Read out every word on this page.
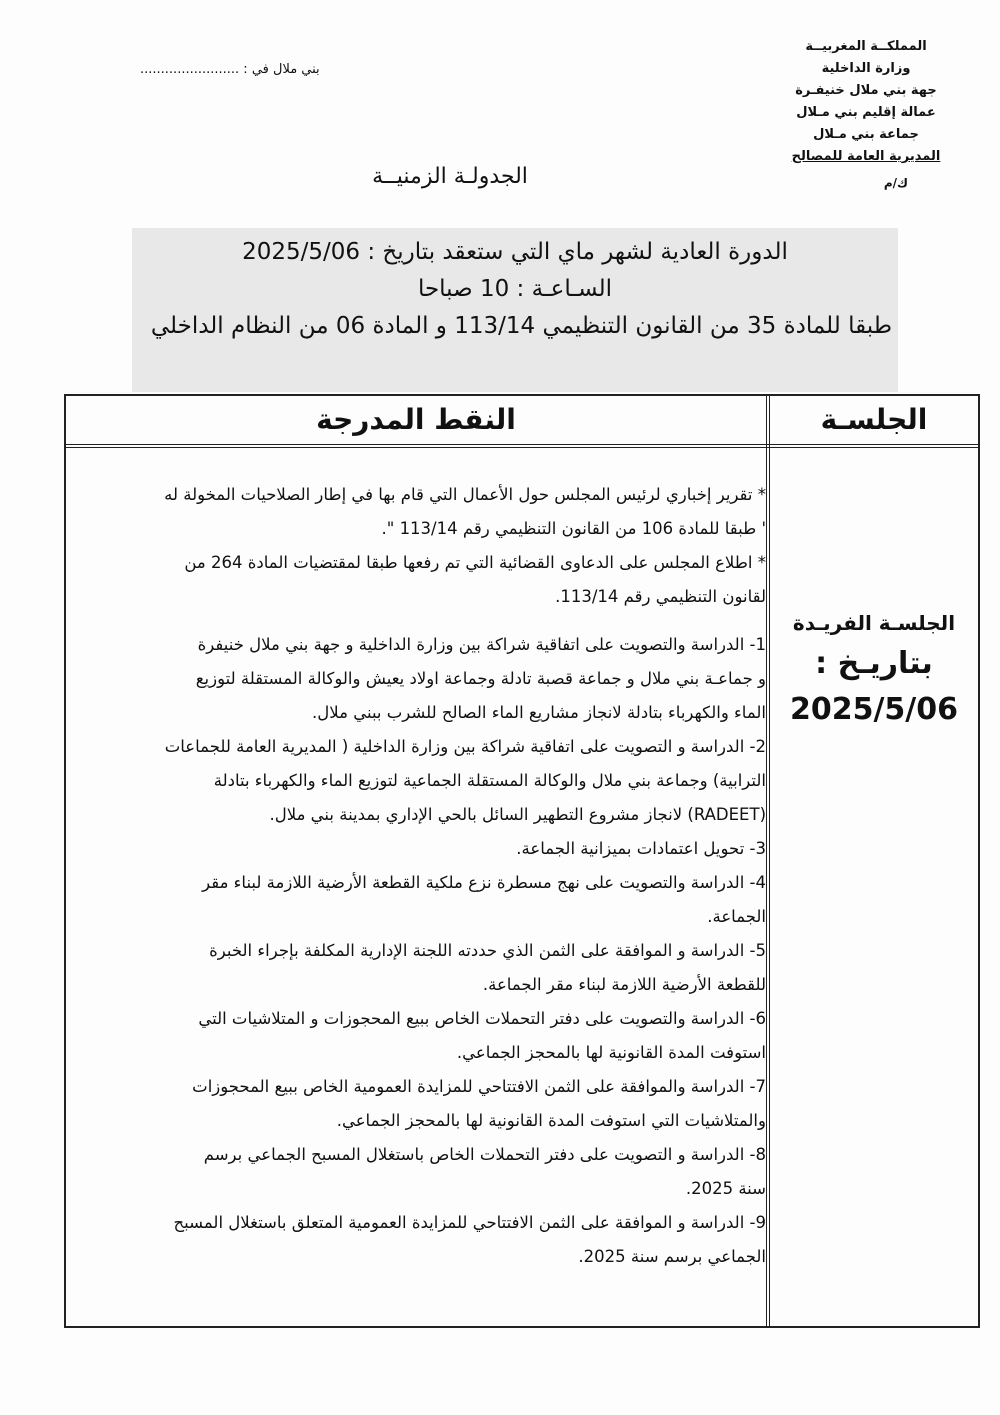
المملكــة المغربيــة
وزارة الداخلية
جهة بني ملال خنيفـرة
عمالة إقليم بني مـلال
جماعة بني مـلال
المديرية العامة للمصالح
ك/م
بني ملال في : ........................
الجدولـة الزمنيــة
الدورة العادية لشهر ماي التي ستعقد بتاريخ : 2025/5/06
السـاعـة : 10 صباحا
طبقا للمادة 35 من القانون التنظيمي 113/14 و المادة 06 من النظام الداخلي
الجلسـة
النقط المدرجة
الجلسـة الفريـدة
بتاريـخ :
2025/5/06
* تقرير إخباري لرئيس المجلس حول الأعمال التي قام بها في إطار الصلاحيات المخولة له
' طبقا للمادة 106 من القانون التنظيمي رقم 113/14 ".
* اطلاع المجلس على الدعاوى القضائية التي تم رفعها طبقا لمقتضيات المادة 264 من
لقانون التنظيمي رقم 113/14.
1- الدراسة والتصويت على اتفاقية شراكة بين وزارة الداخلية و جهة بني ملال خنيفرة
و جماعـة بني ملال و جماعة قصبة تادلة وجماعة اولاد يعيش والوكالة المستقلة لتوزيع
الماء والكهرباء بتادلة لانجاز مشاريع الماء الصالح للشرب ببني ملال.
2- الدراسة و التصويت على اتفاقية شراكة بين وزارة الداخلية ( المديرية العامة للجماعات
الترابية) وجماعة بني ملال والوكالة المستقلة الجماعية لتوزيع الماء والكهرباء بتادلة
(RADEET) لانجاز مشروع التطهير السائل بالحي الإداري بمدينة بني ملال.
3- تحويل اعتمادات بميزانية الجماعة.
4- الدراسة والتصويت على نهج مسطرة نزع ملكية القطعة الأرضية اللازمة لبناء مقر
الجماعة.
5- الدراسة و الموافقة على الثمن الذي حددته اللجنة الإدارية المكلفة بإجراء الخبرة
للقطعة الأرضية اللازمة لبناء مقر الجماعة.
6- الدراسة والتصويت على دفتر التحملات الخاص ببيع المحجوزات و المتلاشيات التي
استوفت المدة القانونية لها بالمحجز الجماعي.
7- الدراسة والموافقة على الثمن الافتتاحي للمزايدة العمومية الخاص ببيع المحجوزات
والمتلاشيات التي استوفت المدة القانونية لها بالمحجز الجماعي.
8- الدراسة و التصويت على دفتر التحملات الخاص باستغلال المسبح الجماعي برسم
سنة 2025.
9- الدراسة و الموافقة على الثمن الافتتاحي للمزايدة العمومية المتعلق باستغلال المسبح
الجماعي برسم سنة 2025.
